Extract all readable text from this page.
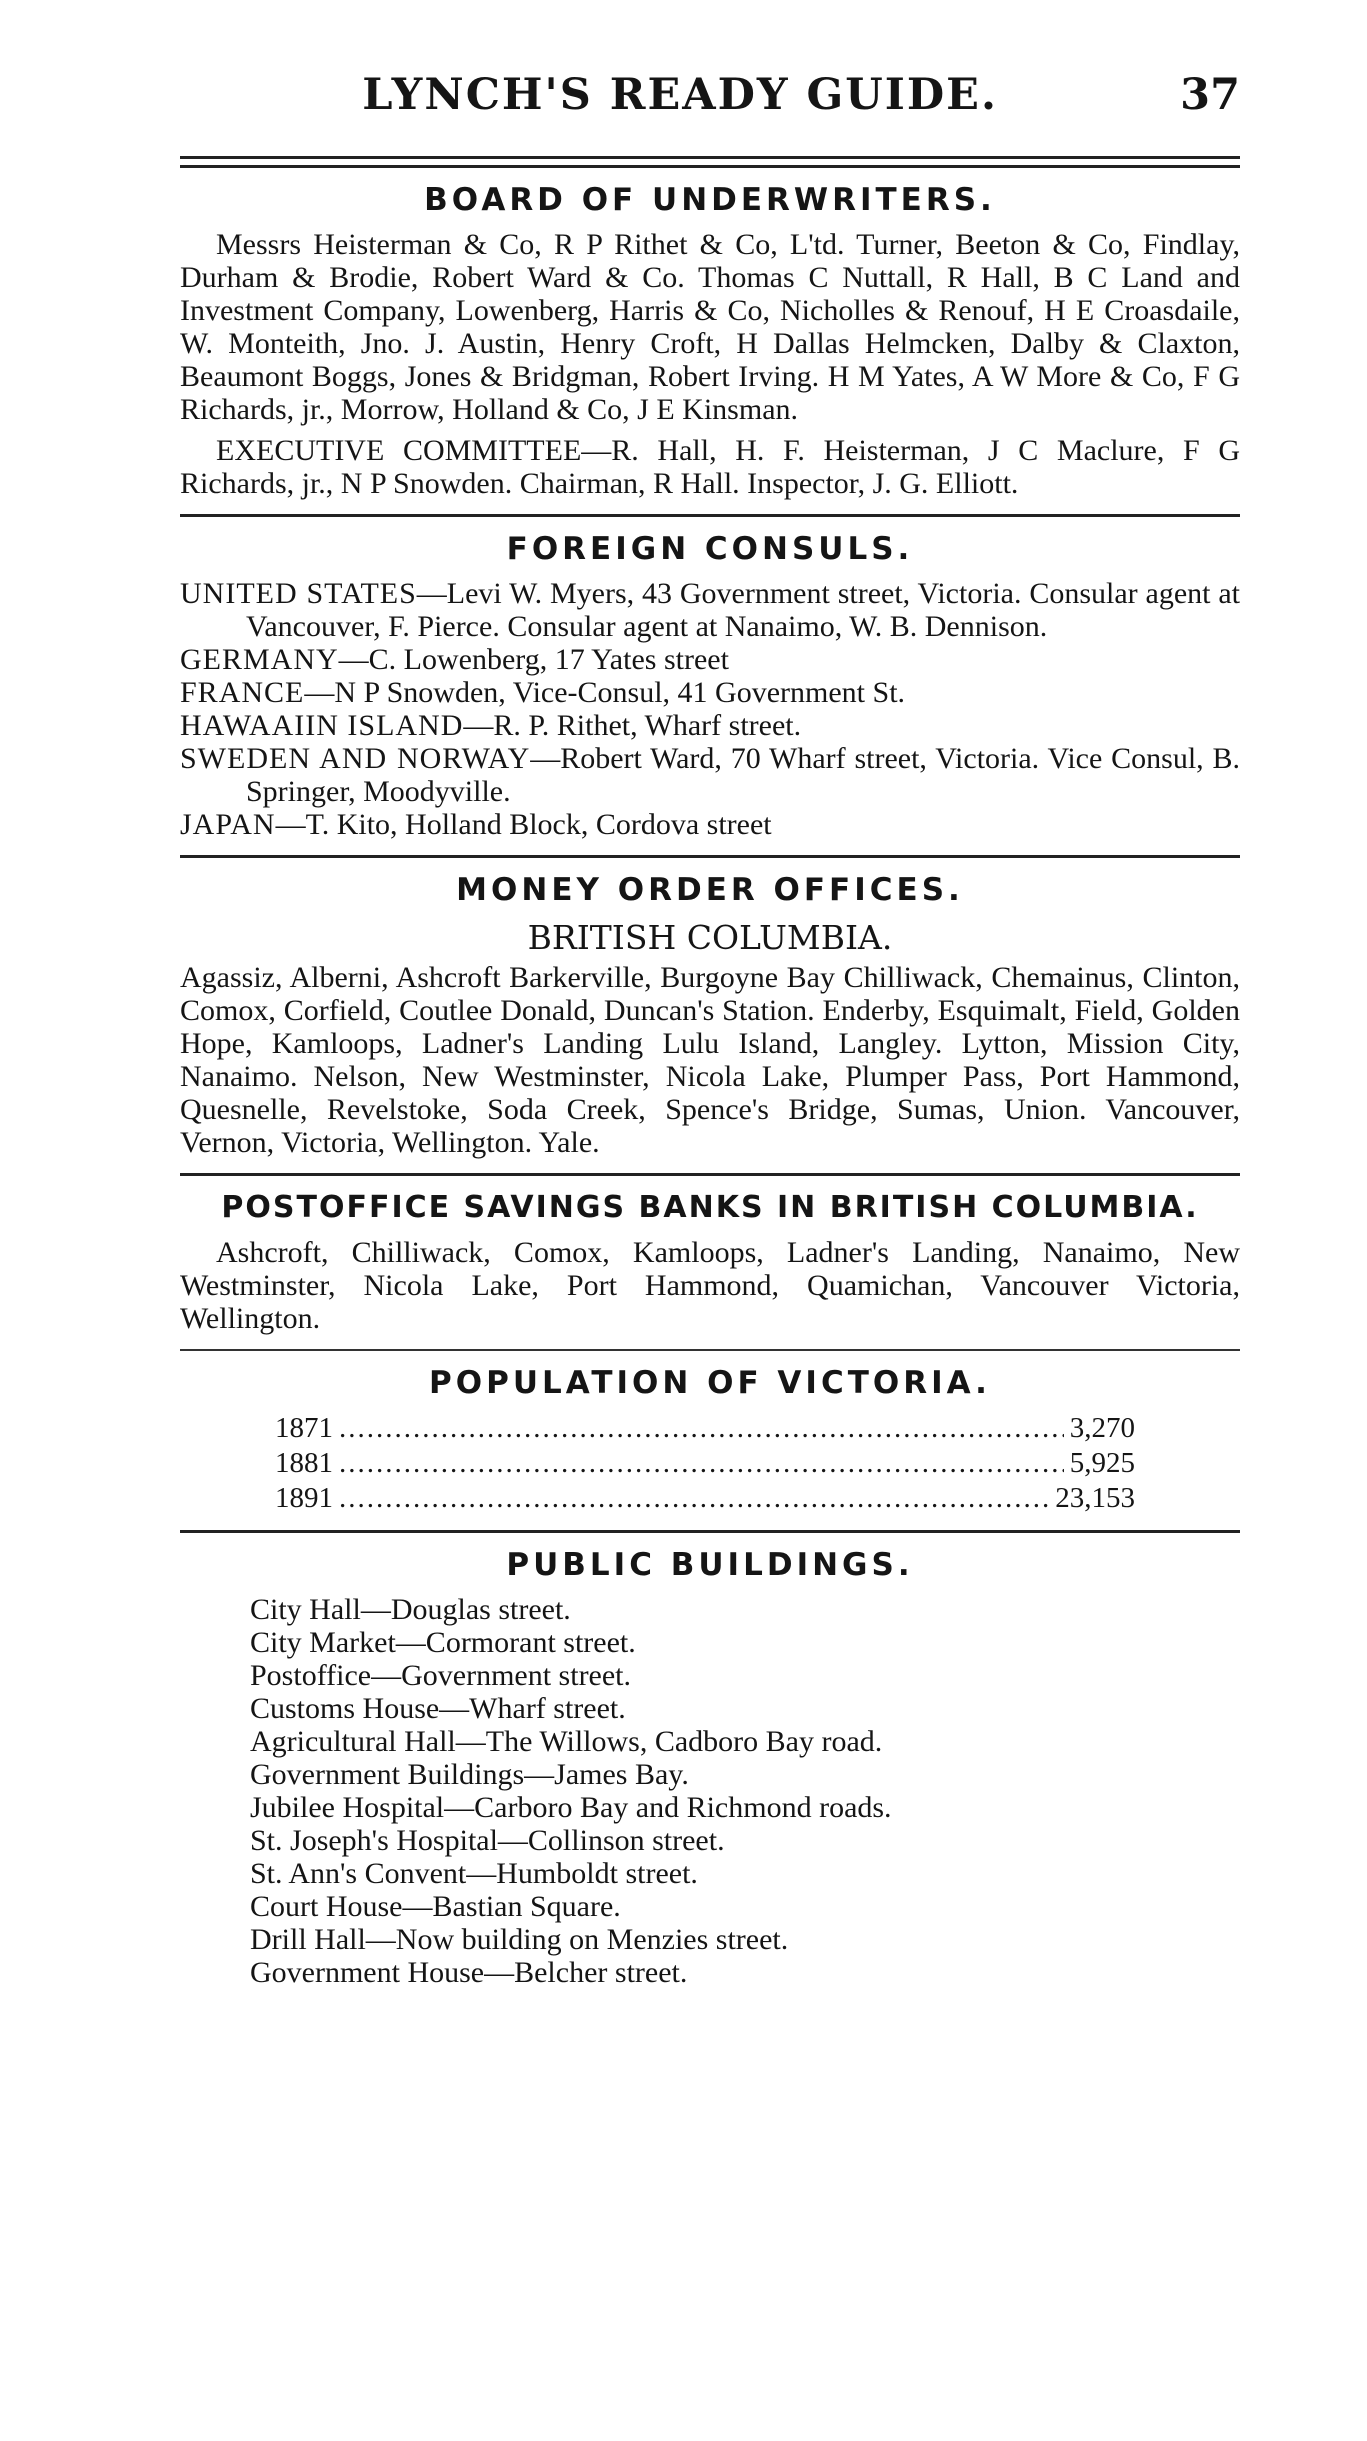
LYNCH'S READY GUIDE.	37
BOARD OF UNDERWRITERS.

Messrs Heisterman & Co, R P Rithet & Co, L'td. Turner, Beeton & Co, Findlay, Durham & Brodie, Robert Ward & Co. Thomas C Nuttall, R Hall, B C Land and Investment Company, Lowenberg, Harris & Co, Nicholles & Renouf, H E Croasdaile, W. Monteith, Jno. J. Austin, Henry Croft, H Dallas Helmcken, Dalby & Claxton, Beaumont Boggs, Jones & Bridgman, Robert Irving. H M Yates, A W More & Co, F G Richards, jr., Morrow, Holland & Co, J E Kinsman.

EXECUTIVE COMMITTEE—R. Hall, H. F. Heisterman, J C Maclure, F G Richards, jr., N P Snowden. Chairman, R Hall. Inspector, J. G. Elliott.

FOREIGN CONSULS.

UNITED STATES—Levi W. Myers, 43 Government street, Victoria. Consular agent at Vancouver, F. Pierce. Consular agent at Nanaimo, W. B. Dennison.

GERMANY—C. Lowenberg, 17 Yates street

FRANCE—N P Snowden, Vice-Consul, 41 Government St.

HAWAAIIN ISLAND—R. P. Rithet, Wharf street.

SWEDEN AND NORWAY—Robert Ward, 70 Wharf street, Victoria. Vice Consul, B. Springer, Moodyville.

JAPAN—T. Kito, Holland Block, Cordova street

MONEY ORDER OFFICES.
BRITISH COLUMBIA.

Agassiz, Alberni, Ashcroft Barkerville, Burgoyne Bay Chilliwack, Chemainus, Clinton, Comox, Corfield, Coutlee Donald, Duncan's Station. Enderby, Esquimalt, Field, Golden Hope, Kamloops, Ladner's Landing Lulu Island, Langley. Lytton, Mission City, Nanaimo. Nelson, New Westminster, Nicola Lake, Plumper Pass, Port Hammond, Quesnelle, Revelstoke, Soda Creek, Spence's Bridge, Sumas, Union. Vancouver, Vernon, Victoria, Wellington. Yale.

POSTOFFICE SAVINGS BANKS IN BRITISH COLUMBIA.

Ashcroft, Chilliwack, Comox, Kamloops, Ladner's Landing, Nanaimo, New Westminster, Nicola Lake, Port Hammond, Quamichan, Vancouver Victoria, Wellington.

POPULATION OF VICTORIA.
1871 .....	3,270
1881 .....	5,925
1891 .....	23,153
PUBLIC BUILDINGS.

City Hall—Douglas street.

City Market—Cormorant street.

Postoffice—Government street.

Customs House—Wharf street.

Agricultural Hall—The Willows, Cadboro Bay road.

Government Buildings—James Bay.

Jubilee Hospital—Carboro Bay and Richmond roads.

St. Joseph's Hospital—Collinson street.

St. Ann's Convent—Humboldt street.

Court House—Bastian Square.

Drill Hall—Now building on Menzies street.

Government House—Belcher street.
